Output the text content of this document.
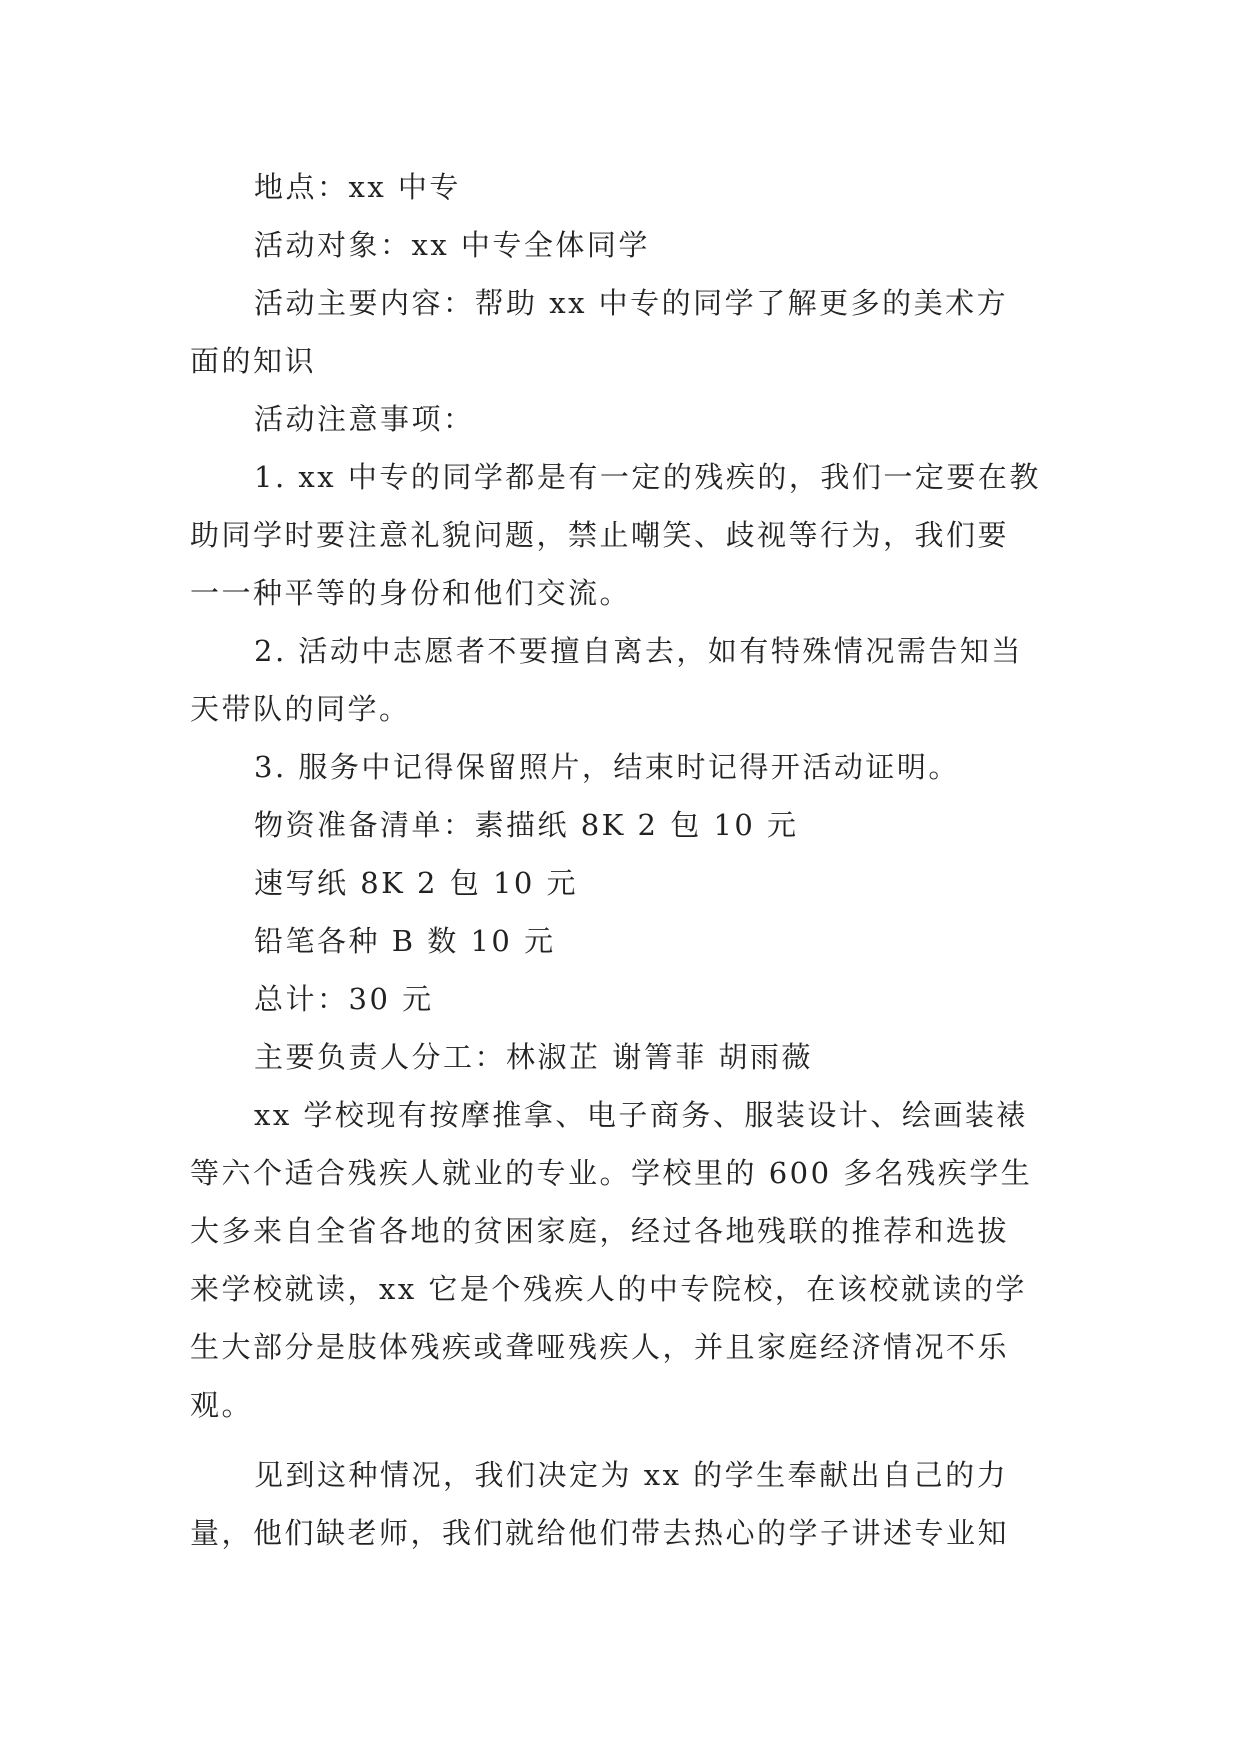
地点：xx 中专

活动对象：xx 中专全体同学

活动主要内容：帮助 xx 中专的同学了解更多的美术方

面的知识

活动注意事项：

1. xx 中专的同学都是有一定的残疾的，我们一定要在教

助同学时要注意礼貌问题，禁止嘲笑、歧视等行为，我们要

一一种平等的身份和他们交流。

2. 活动中志愿者不要擅自离去，如有特殊情况需告知当

天带队的同学。

3. 服务中记得保留照片，结束时记得开活动证明。

物资准备清单：素描纸 8K 2 包 10 元

速写纸 8K 2 包 10 元

铅笔各种 B 数 10 元

总计：30 元

主要负责人分工：林淑芷 谢箐菲 胡雨薇

xx 学校现有按摩推拿、电子商务、服装设计、绘画装裱

等六个适合残疾人就业的专业。学校里的 600 多名残疾学生

大多来自全省各地的贫困家庭，经过各地残联的推荐和选拔

来学校就读，xx 它是个残疾人的中专院校，在该校就读的学

生大部分是肢体残疾或聋哑残疾人，并且家庭经济情况不乐

观。

见到这种情况，我们决定为 xx 的学生奉献出自己的力

量，他们缺老师，我们就给他们带去热心的学子讲述专业知
